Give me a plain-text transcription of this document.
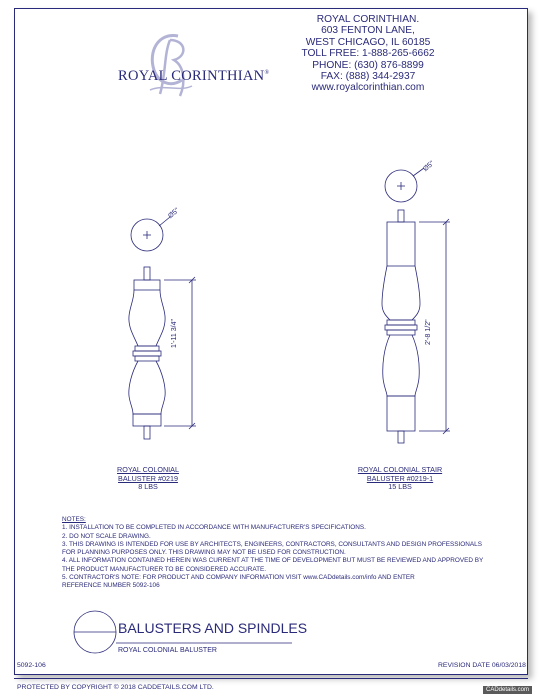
ROYAL CORINTHIAN®
ROYAL CORINTHIAN.
603 FENTON LANE,
WEST CHICAGO, IL 60185
TOLL FREE: 1-888-265-6662
PHONE: (630) 876-8899
FAX: (888) 344-2937
www.royalcorinthian.com
Ø5"
1'-11 3/4"
Ø5"
2'-8 1/2"
ROYAL COLONIAL
BALUSTER #0219
8 LBS
ROYAL COLONIAL STAIR
BALUSTER #0219-1
15 LBS
NOTES:
1. INSTALLATION TO BE COMPLETED IN ACCORDANCE WITH MANUFACTURER'S SPECIFICATIONS.
2. DO NOT SCALE DRAWING.
3. THIS DRAWING IS INTENDED FOR USE BY ARCHITECTS, ENGINEERS, CONTRACTORS, CONSULTANTS AND DESIGN PROFESSIONALS
FOR PLANNING PURPOSES ONLY. THIS DRAWING MAY NOT BE USED FOR CONSTRUCTION.
4. ALL INFORMATION CONTAINED HEREIN WAS CURRENT AT THE TIME OF DEVELOPMENT BUT MUST BE REVIEWED AND APPROVED BY
THE PRODUCT MANUFACTURER TO BE CONSIDERED ACCURATE.
5. CONTRACTOR'S NOTE: FOR PRODUCT AND COMPANY INFORMATION VISIT www.CADdetails.com/info AND ENTER
REFERENCE NUMBER 5092-106
BALUSTERS AND SPINDLES
ROYAL COLONIAL BALUSTER
5092-106	REVISION DATE 06/03/2018
PROTECTED BY COPYRIGHT © 2018 CADDETAILS.COM LTD.	CADdetails.com
